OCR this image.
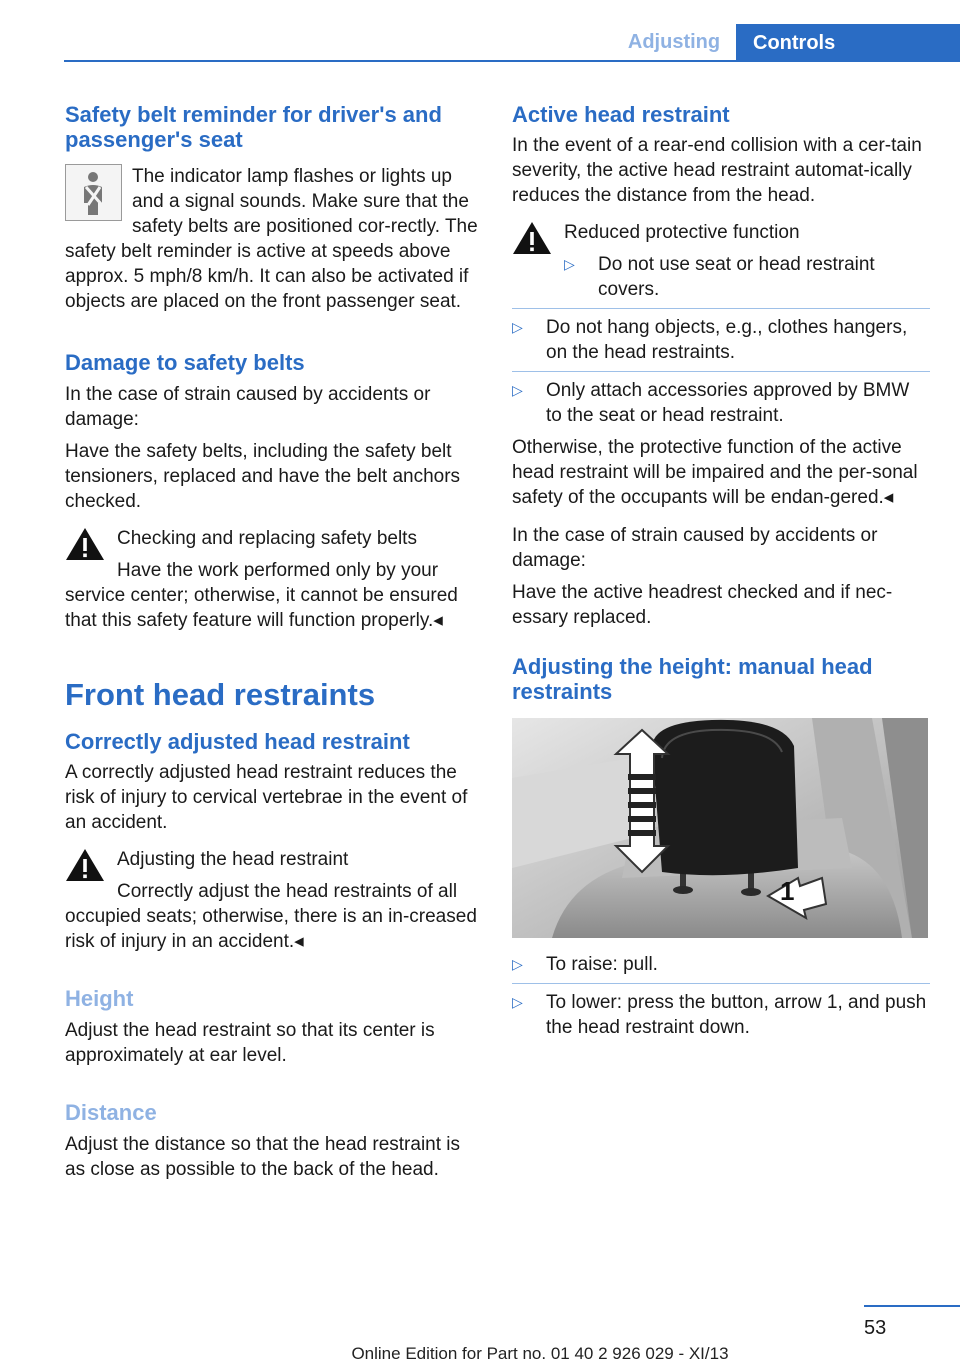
Adjusting	Controls
Safety belt reminder for driver's and passenger's seat

The indicator lamp flashes or lights up and a signal sounds. Make sure that the safety belts are positioned cor-rectly. The safety belt reminder is active at speeds above approx. 5 mph/8 km/h. It can also be activated if objects are placed on the front passenger seat.

Damage to safety belts

In the case of strain caused by accidents or damage:

Have the safety belts, including the safety belt tensioners, replaced and have the belt anchors checked.

Checking and replacing safety belts

Have the work performed only by your service center; otherwise, it cannot be ensured that this safety feature will function properly.◂

Front head restraints
Correctly adjusted head restraint

A correctly adjusted head restraint reduces the risk of injury to cervical vertebrae in the event of an accident.

Adjusting the head restraint

Correctly adjust the head restraints of all occupied seats; otherwise, there is an in-creased risk of injury in an accident.◂

Height

Adjust the head restraint so that its center is approximately at ear level.

Distance

Adjust the distance so that the head restraint is as close as possible to the back of the head.

Active head restraint

In the event of a rear-end collision with a cer-tain severity, the active head restraint automat-ically reduces the distance from the head.

Reduced protective function

▷ Do not use seat or head restraint covers.
▷ Do not hang objects, e.g., clothes hangers, on the head restraints.
▷ Only attach accessories approved by BMW to the seat or head restraint.

Otherwise, the protective function of the active head restraint will be impaired and the per-sonal safety of the occupants will be endan-gered.◂

In the case of strain caused by accidents or damage:

Have the active headrest checked and if nec-essary replaced.

Adjusting the height: manual head restraints
1
▷ To raise: pull.
▷ To lower: press the button, arrow 1, and push the head restraint down.
53
Online Edition for Part no. 01 40 2 926 029 - XI/13
